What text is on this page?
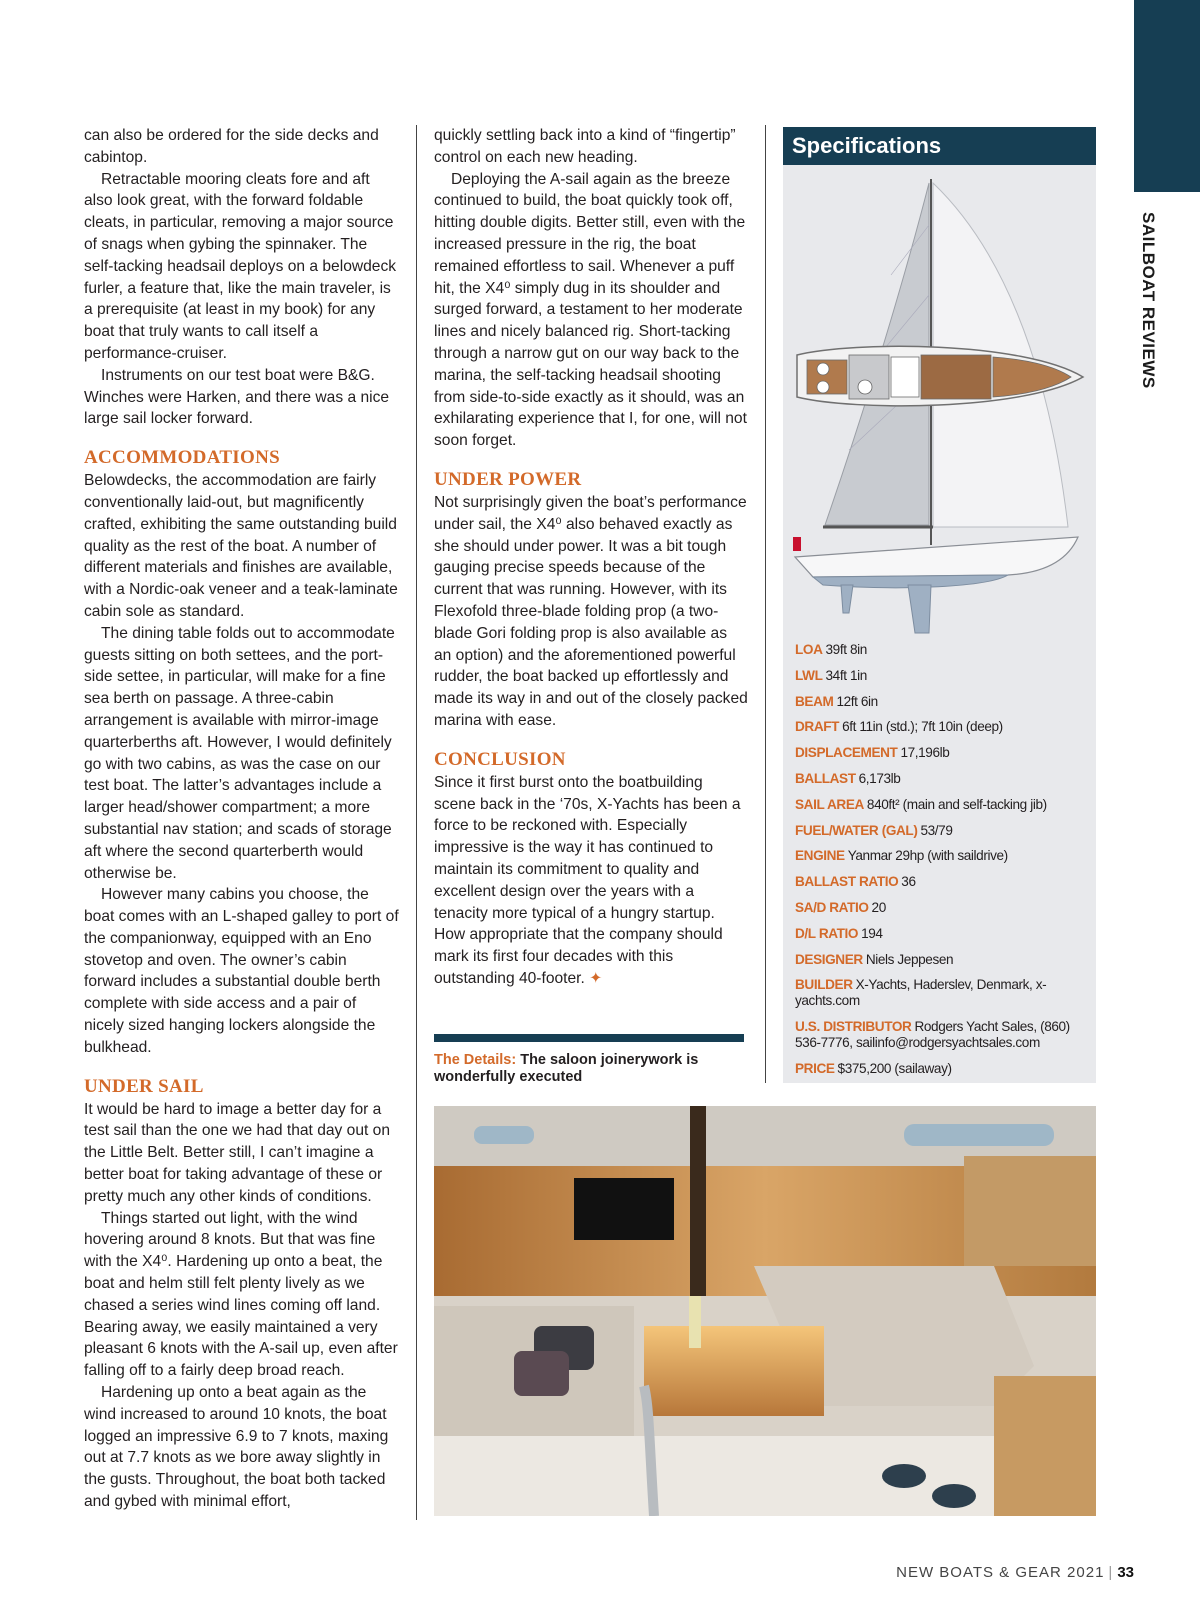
SAILBOAT REVIEWS

can also be ordered for the side decks and cabintop.

Retractable mooring cleats fore and aft also look great, with the forward foldable cleats, in particular, removing a major source of snags when gybing the spinnaker. The self-tacking headsail deploys on a belowdeck furler, a feature that, like the main traveler, is a prerequisite (at least in my book) for any boat that truly wants to call itself a performance-cruiser.

Instruments on our test boat were B&G. Winches were Harken, and there was a nice large sail locker forward.

ACCOMMODATIONS

Belowdecks, the accommodation are fairly conventionally laid-out, but magnificently crafted, exhibiting the same outstanding build quality as the rest of the boat. A number of different materials and finishes are available, with a Nordic-oak veneer and a teak-laminate cabin sole as standard.

The dining table folds out to accommodate guests sitting on both settees, and the port-side settee, in particular, will make for a fine sea berth on passage. A three-cabin arrangement is available with mirror-image quarterberths aft. However, I would definitely go with two cabins, as was the case on our test boat. The latter’s advantages include a larger head/shower compartment; a more substantial nav station; and scads of storage aft where the second quarterberth would otherwise be.

However many cabins you choose, the boat comes with an L-shaped galley to port of the companionway, equipped with an Eno stovetop and oven. The owner’s cabin forward includes a substantial double berth complete with side access and a pair of nicely sized hanging lockers alongside the bulkhead.

UNDER SAIL

It would be hard to image a better day for a test sail than the one we had that day out on the Little Belt. Better still, I can’t imagine a better boat for taking advantage of these or pretty much any other kinds of conditions.

Things started out light, with the wind hovering around 8 knots. But that was fine with the X4⁰. Hardening up onto a beat, the boat and helm still felt plenty lively as we chased a series wind lines coming off land. Bearing away, we easily maintained a very pleasant 6 knots with the A-sail up, even after falling off to a fairly deep broad reach.

Hardening up onto a beat again as the wind increased to around 10 knots, the boat logged an impressive 6.9 to 7 knots, maxing out at 7.7 knots as we bore away slightly in the gusts. Throughout, the boat both tacked and gybed with minimal effort,

quickly settling back into a kind of “fingertip” control on each new heading.

Deploying the A-sail again as the breeze continued to build, the boat quickly took off, hitting double digits. Better still, even with the increased pressure in the rig, the boat remained effortless to sail. Whenever a puff hit, the X4⁰ simply dug in its shoulder and surged forward, a testament to her moderate lines and nicely balanced rig. Short-tacking through a narrow gut on our way back to the marina, the self-tacking headsail shooting from side-to-side exactly as it should, was an exhilarating experience that I, for one, will not soon forget.

UNDER POWER

Not surprisingly given the boat’s performance under sail, the X4⁰ also behaved exactly as she should under power. It was a bit tough gauging precise speeds because of the current that was running. However, with its Flexofold three-blade folding prop (a two-blade Gori folding prop is also available as an option) and the aforementioned powerful rudder, the boat backed up effortlessly and made its way in and out of the closely packed marina with ease.

CONCLUSION

Since it first burst onto the boatbuilding scene back in the ‘70s, X-Yachts has been a force to be reckoned with. Especially impressive is the way it has continued to maintain its commitment to quality and excellent design over the years with a tenacity more typical of a hungry startup. How appropriate that the company should mark its first four decades with this outstanding 40-footer. ✦

The Details: The saloon joinerywork is wonderfully executed
Specifications
LOA 39ft 8in
LWL 34ft 1in
BEAM 12ft 6in
DRAFT 6ft 11in (std.); 7ft 10in (deep)
DISPLACEMENT 17,196lb
BALLAST 6,173lb
SAIL AREA 840ft² (main and self-tacking jib)
FUEL/WATER (GAL) 53/79
ENGINE Yanmar 29hp (with saildrive)
BALLAST RATIO 36
SA/D RATIO 20
D/L RATIO 194
DESIGNER Niels Jeppesen
BUILDER X-Yachts, Haderslev, Denmark, x-yachts.com
U.S. DISTRIBUTOR Rodgers Yacht Sales, (860) 536-7776, sailinfo@rodgersyachtsales.com
PRICE $375,200 (sailaway)
NEW BOATS & GEAR 2021 | 33
